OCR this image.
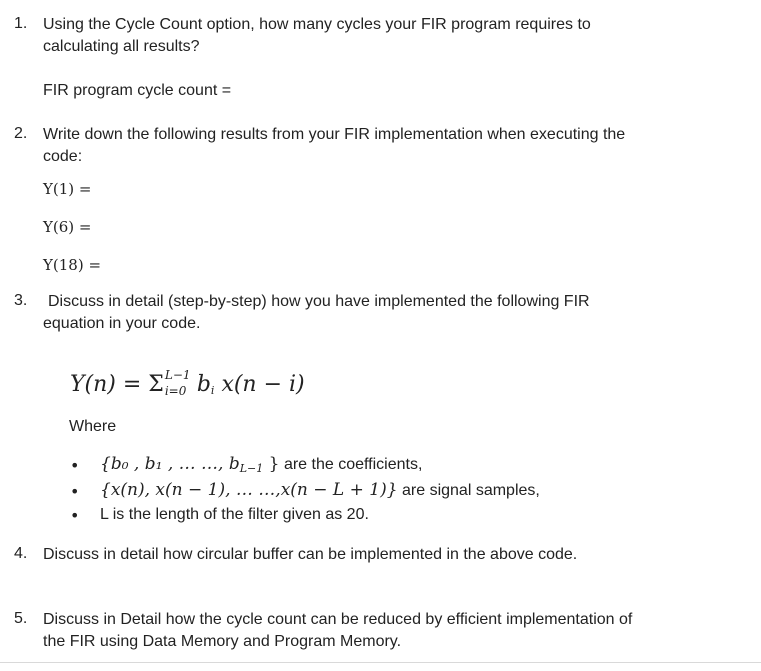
1. Using the Cycle Count option, how many cycles your FIR program requires to
calculating all results?
FIR program cycle count =
2. Write down the following results from your FIR implementation when executing the
code:
Y(1) =
Y(6) =
Y(18) =
3. Discuss in detail (step-by-step) how you have implemented the following FIR
equation in your code.
Y(n) = Σ L−1
i=0 $b_i$ x(n − i)
Where
• {b₀ , b₁ , … …, $b_{L-1}$ } are the coefficients,
• {x(n), x(n − 1), … …,x(n − L + 1)} are signal samples,
• L is the length of the filter given as 20.
4. Discuss in detail how circular buffer can be implemented in the above code.
5. Discuss in Detail how the cycle count can be reduced by efficient implementation of
the FIR using Data Memory and Program Memory.
